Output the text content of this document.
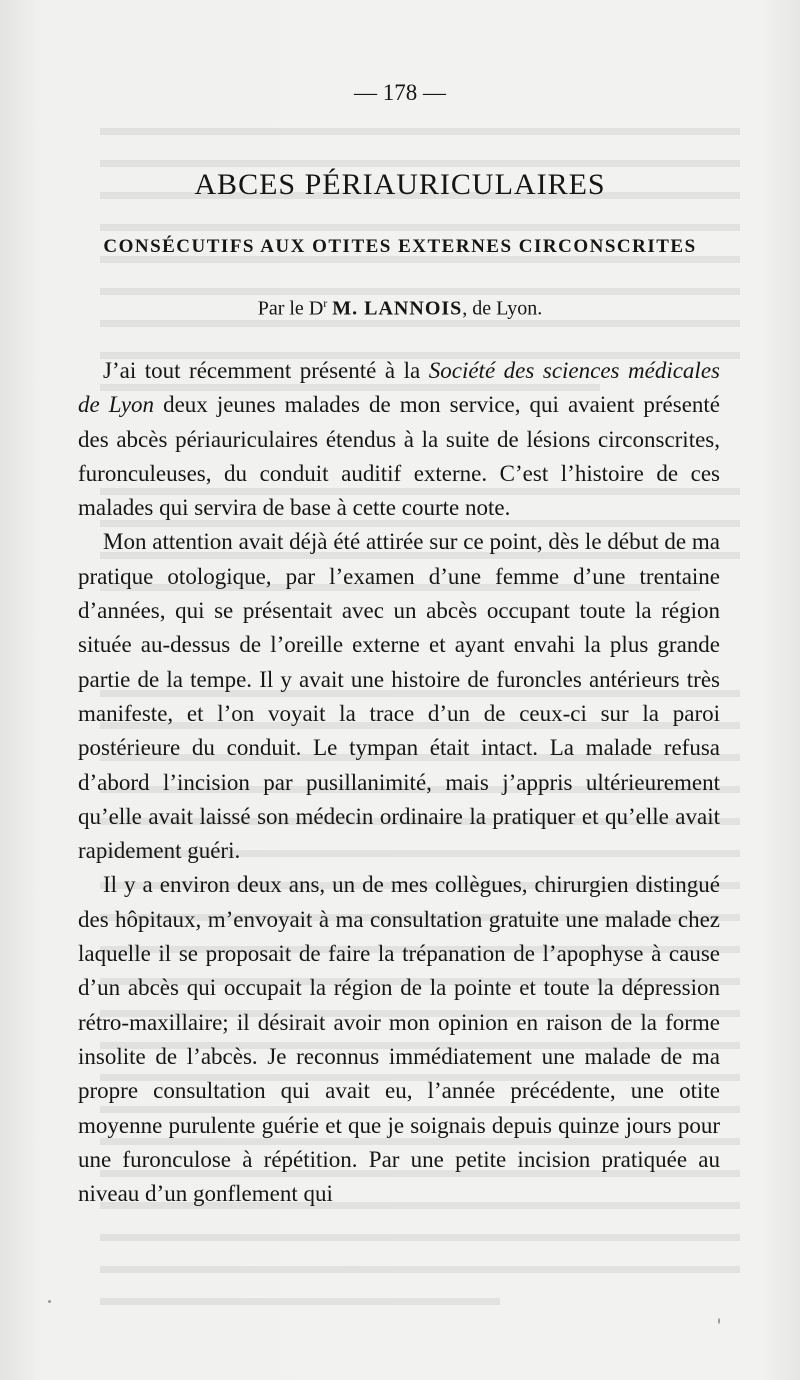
— 178 —
ABCES PÉRIAURICULAIRES
CONSÉCUTIFS AUX OTITES EXTERNES CIRCONSCRITES
Par le $D^r$ M. LANNOIS, de Lyon.

J’ai tout récemment présenté à la Société des sciences médicales de Lyon deux jeunes malades de mon service, qui avaient présenté des abcès périauriculaires étendus à la suite de lésions circonscrites, furonculeuses, du conduit auditif externe. C’est l’histoire de ces malades qui servira de base à cette courte note.

Mon attention avait déjà été attirée sur ce point, dès le début de ma pratique otologique, par l’examen d’une femme d’une trentaine d’années, qui se présentait avec un abcès occupant toute la région située au-dessus de l’oreille externe et ayant envahi la plus grande partie de la tempe. Il y avait une histoire de furoncles antérieurs très manifeste, et l’on voyait la trace d’un de ceux-ci sur la paroi postérieure du conduit. Le tympan était intact. La malade refusa d’abord l’incision par pusillanimité, mais j’appris ultérieurement qu’elle avait laissé son médecin ordinaire la pratiquer et qu’elle avait rapidement guéri.

Il y a environ deux ans, un de mes collègues, chirurgien distingué des hôpitaux, m’envoyait à ma consultation gratuite une malade chez laquelle il se proposait de faire la trépanation de l’apophyse à cause d’un abcès qui occupait la région de la pointe et toute la dépression rétro-maxillaire; il désirait avoir mon opinion en raison de la forme insolite de l’abcès. Je reconnus immédiatement une malade de ma propre consultation qui avait eu, l’année précédente, une otite moyenne purulente guérie et que je soignais depuis quinze jours pour une furonculose à répétition. Par une petite incision pratiquée au niveau d’un gonflement qui
